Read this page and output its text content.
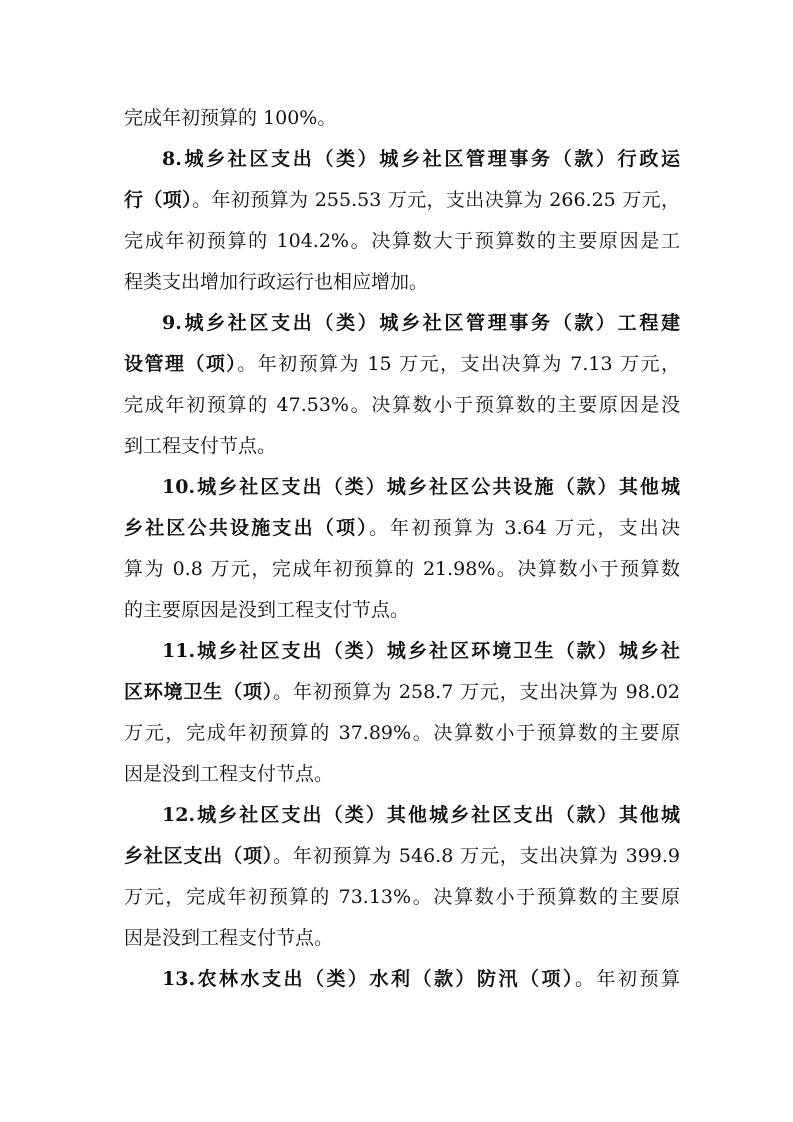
完成年初预算的 100%。
8.城乡社区支出（类）城乡社区管理事务（款）行政运
行（项）。年初预算为 255.53 万元，支出决算为 266.25 万元，
完成年初预算的 104.2%。决算数大于预算数的主要原因是工
程类支出增加行政运行也相应增加。
9.城乡社区支出（类）城乡社区管理事务（款）工程建
设管理（项）。年初预算为 15 万元，支出决算为 7.13 万元，
完成年初预算的 47.53%。决算数小于预算数的主要原因是没
到工程支付节点。
10.城乡社区支出（类）城乡社区公共设施（款）其他城
乡社区公共设施支出（项）。年初预算为 3.64 万元，支出决
算为 0.8 万元，完成年初预算的 21.98%。决算数小于预算数
的主要原因是没到工程支付节点。
11.城乡社区支出（类）城乡社区环境卫生（款）城乡社
区环境卫生（项）。年初预算为 258.7 万元，支出决算为 98.02
万元，完成年初预算的 37.89%。决算数小于预算数的主要原
因是没到工程支付节点。
12.城乡社区支出（类）其他城乡社区支出（款）其他城
乡社区支出（项）。年初预算为 546.8 万元，支出决算为 399.9
万元，完成年初预算的 73.13%。决算数小于预算数的主要原
因是没到工程支付节点。
13.农林水支出（类）水利（款）防汛（项）。年初预算
